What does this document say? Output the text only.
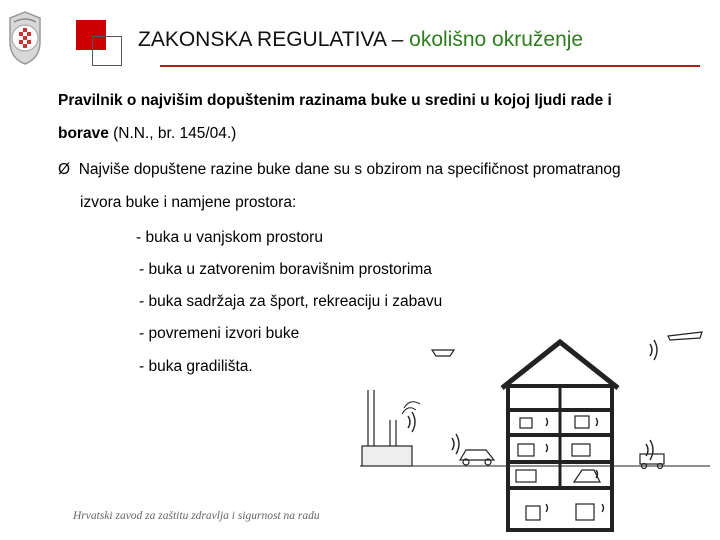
ZAKONSKA REGULATIVA – okolišno okruženje
Pravilnik o najvišim dopuštenim razinama buke u sredini u kojoj ljudi rade i
borave (N.N., br. 145/04.)
Ø Najviše dopuštene razine buke dane su s obzirom na specifičnost promatranog
izvora buke i namjene prostora:
- buka u vanjskom prostoru
- buka u zatvorenim boravišnim prostorima
- buka sadržaja za šport, rekreaciju i zabavu
- povremeni izvori buke
- buka gradilišta.
Hrvatski zavod za zaštitu zdravlja i sigurnost na radu
